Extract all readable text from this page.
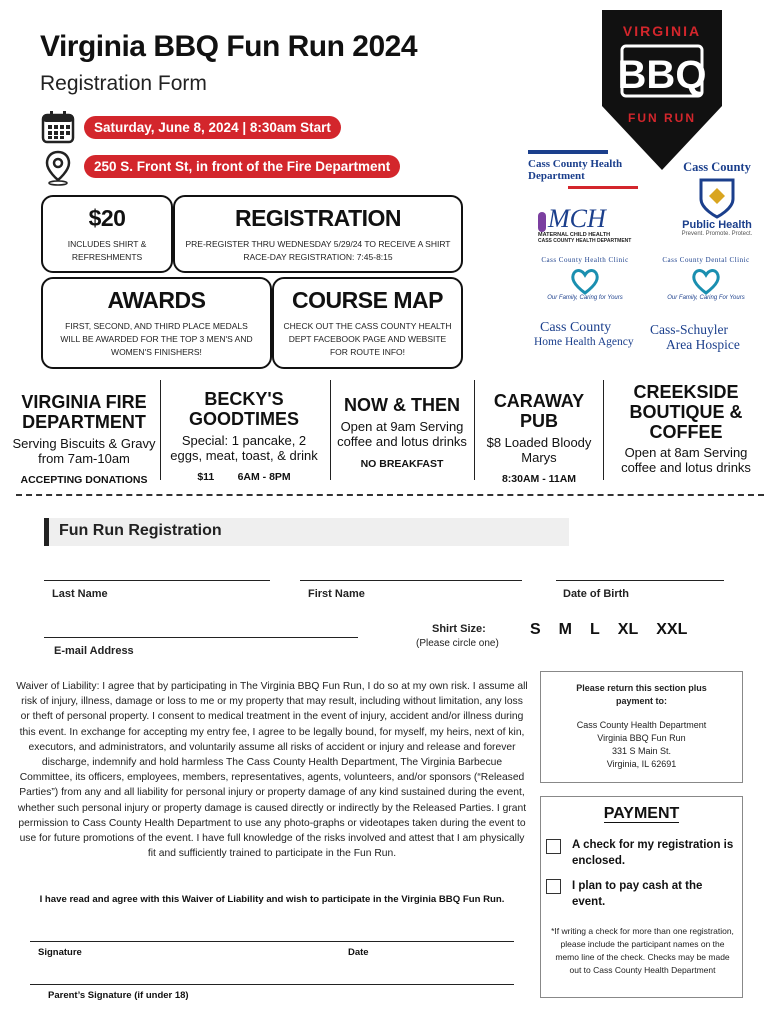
Virginia BBQ Fun Run 2024
Registration Form
Saturday, June 8, 2024 | 8:30am Start
250 S. Front St, in front of the Fire Department
VIRGINIA
BBQ
FUN RUN
$20

INCLUDES SHIRT & REFRESHMENTS

REGISTRATION

PRE-REGISTER THRU WEDNESDAY 5/29/24 TO RECEIVE A SHIRT

RACE-DAY REGISTRATION: 7:45-8:15

AWARDS

FIRST, SECOND, AND THIRD PLACE MEDALS WILL BE AWARDED FOR THE TOP 3 MEN'S AND WOMEN'S FINISHERS!

COURSE MAP

CHECK OUT THE CASS COUNTY HEALTH DEPT FACEBOOK PAGE AND WEBSITE FOR ROUTE INFO!

Cass County Health Department
Cass County
Public Health
Prevent. Promote. Protect.
MCH
MATERNAL CHILD HEALTH
CASS COUNTY HEALTH DEPARTMENT
Cass County Health Clinic
Our Family, Caring for Yours
Cass County Dental Clinic
Our Family, Caring For Yours
Cass County
Home Health Agency
Cass-Schuyler
Area Hospice
VIRGINIA FIRE DEPARTMENT
Serving Biscuits & Gravy from 7am-10am
ACCEPTING DONATIONS
BECKY'S GOODTIMES
Special: 1 pancake, 2 eggs, meat, toast, & drink
$11        6AM - 8PM
NOW & THEN
Open at 9am Serving coffee and lotus drinks
NO BREAKFAST
CARAWAY PUB
$8 Loaded Bloody Marys
8:30AM - 11AM
CREEKSIDE BOUTIQUE & COFFEE
Open at 8am Serving coffee and lotus drinks
Fun Run Registration
Last Name	First Name	Date of Birth
E-mail Address
Shirt Size:
(Please circle one)
S M L XL XXL
Waiver of Liability: I agree that by participating in The Virginia BBQ Fun Run, I do so at my own risk. I assume all risk of injury, illness, damage or loss to me or my property that may result, including without limitation, any loss or theft of personal property. I consent to medical treatment in the event of injury, accident and/or illness during this event. In exchange for accepting my entry fee, I agree to be legally bound, for myself, my heirs, next of kin, executors, and administrators, and voluntarily assume all risks of accident or injury and release and forever discharge, indemnify and hold harmless The Cass County Health Department, The Virginia Barbecue Committee, its officers, employees, members, representatives, agents, volunteers, and/or sponsors (“Released Parties”) from any and all liability for personal injury or property damage of any kind sustained during the event, whether such personal injury or property damage is caused directly or indirectly by the Released Parties. I grant permission to Cass County Health Department to use any photo-graphs or videotapes taken during the event to use for future promotions of the event. I have full knowledge of the risks involved and attest that I am physically fit and sufficiently trained to participate in the Fun Run.
I have read and agree with this Waiver of Liability and wish to participate in the Virginia BBQ Fun Run.
Signature	Date
Parent’s Signature (if under 18)
Please return this section plus payment to:
Cass County Health Department
Virginia BBQ Fun Run
331 S Main St.
Virginia, IL 62691
PAYMENT
A check for my registration is enclosed.
I plan to pay cash at the event.
*If writing a check for more than one registration, please include the participant names on the memo line of the check. Checks may be made out to Cass County Health Department
